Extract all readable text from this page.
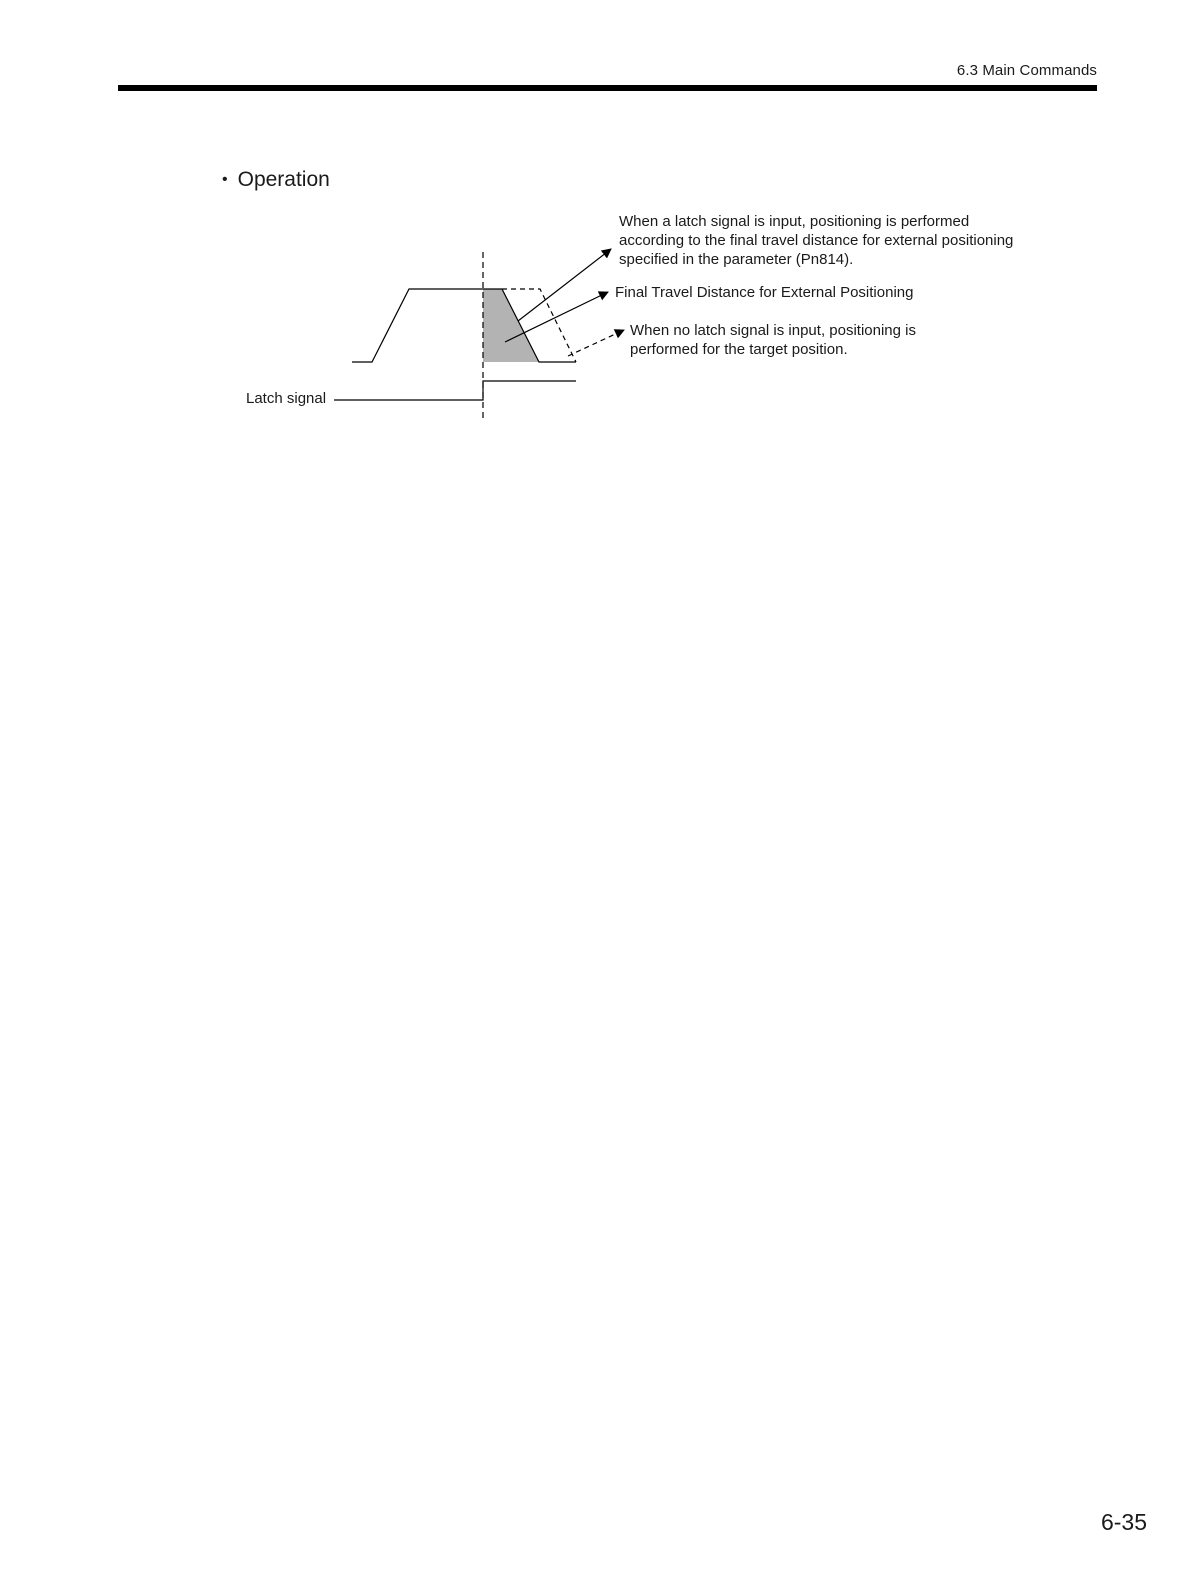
6.3 Main Commands
• Operation
When a latch signal is input, positioning is performed according to the final travel distance for external positioning specified in the parameter (Pn814).
Final Travel Distance for External Positioning
When no latch signal is input, positioning is performed for the target position.
Latch signal
6-35
